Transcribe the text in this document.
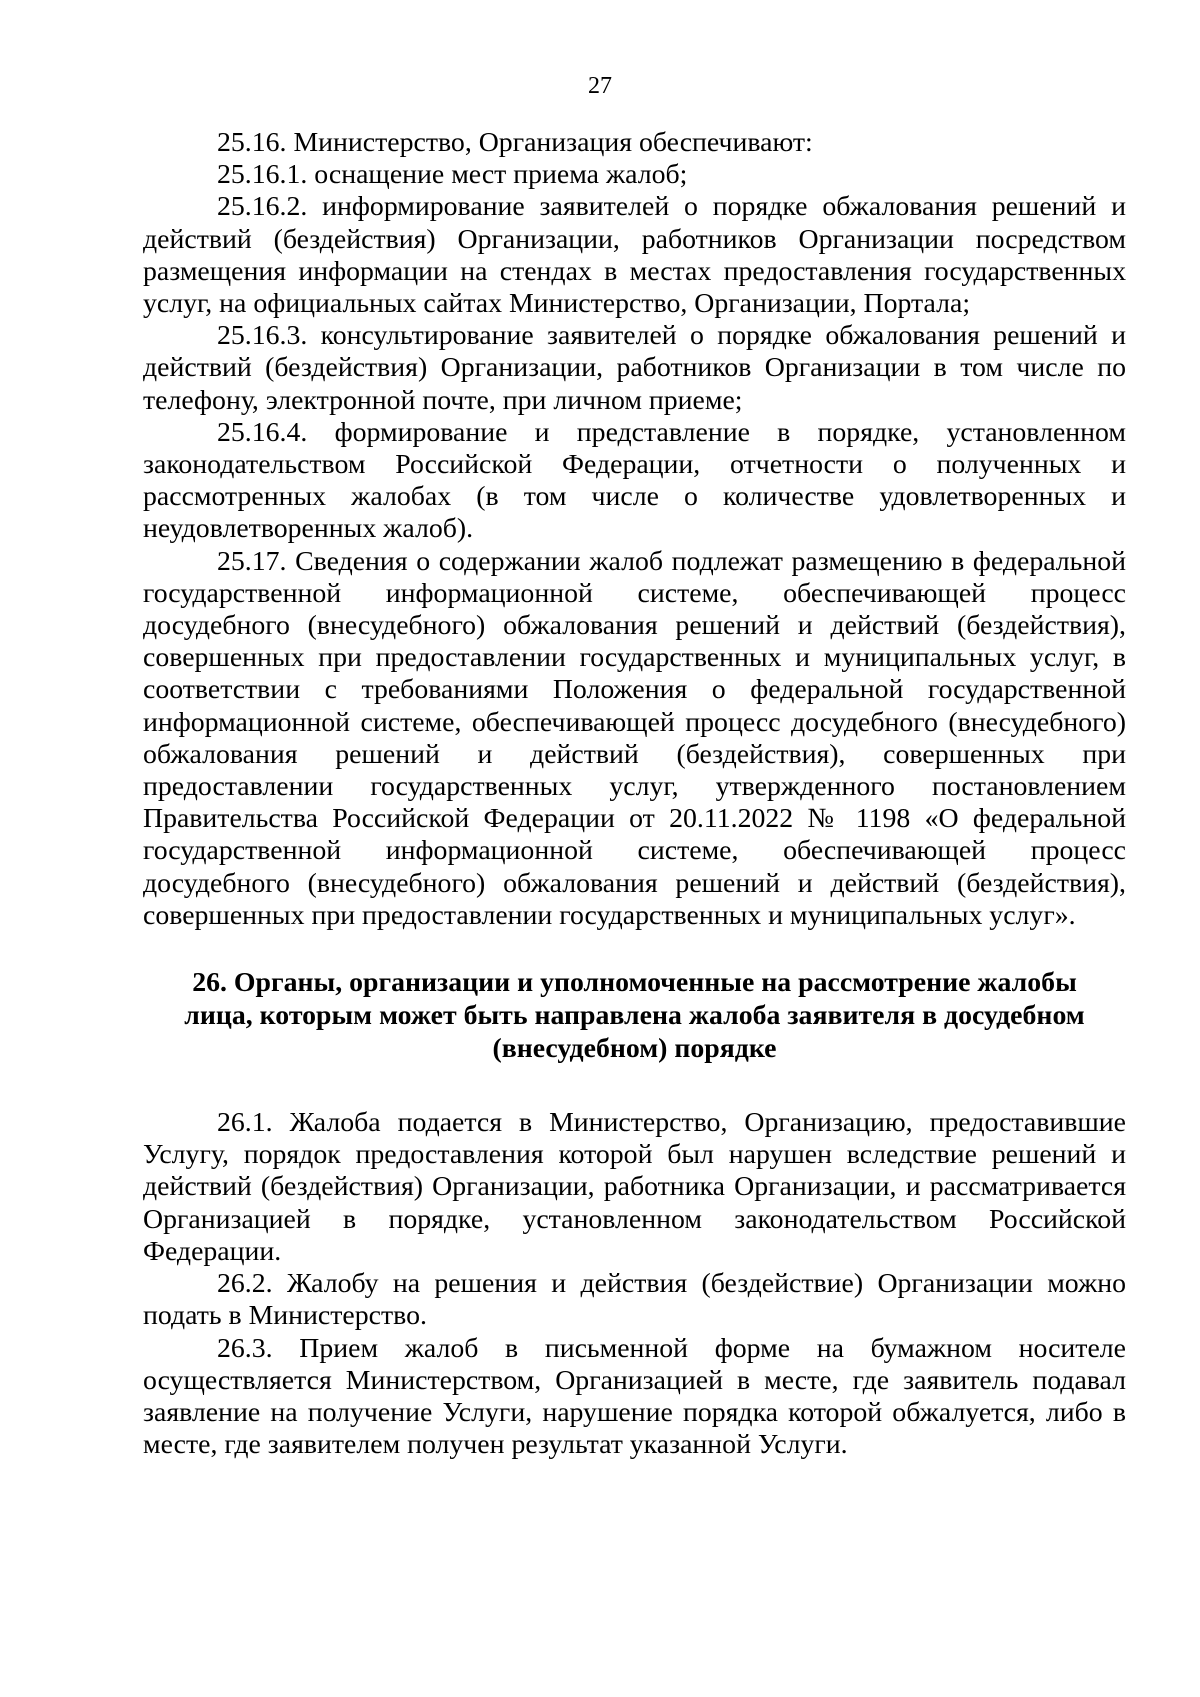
27

25.16. Министерство, Организация обеспечивают:

25.16.1. оснащение мест приема жалоб;

25.16.2. информирование заявителей о порядке обжалования решений и действий (бездействия) Организации, работников Организации посредством размещения информации на стендах в местах предоставления государственных услуг, на официальных сайтах Министерство, Организации, Портала;

25.16.3. консультирование заявителей о порядке обжалования решений и действий (бездействия) Организации, работников Организации в том числе по телефону, электронной почте, при личном приеме;

25.16.4. формирование и представление в порядке, установленном законодательством Российской Федерации, отчетности о полученных и рассмотренных жалобах (в том числе о количестве удовлетворенных и неудовлетворенных жалоб).

25.17. Сведения о содержании жалоб подлежат размещению в федеральной государственной информационной системе, обеспечивающей процесс досудебного (внесудебного) обжалования решений и действий (бездействия), совершенных при предоставлении государственных и муниципальных услуг, в соответствии с требованиями Положения о федеральной государственной информационной системе, обеспечивающей процесс досудебного (внесудебного) обжалования решений и действий (бездействия), совершенных при предоставлении государственных услуг, утвержденного постановлением Правительства Российской Федерации от 20.11.2022 № 1198 «О федеральной государственной информационной системе, обеспечивающей процесс досудебного (внесудебного) обжалования решений и действий (бездействия), совершенных при предоставлении государственных и муниципальных услуг».

26. Органы, организации и уполномоченные на рассмотрение жалобы
лица, которым может быть направлена жалоба заявителя в досудебном
(внесудебном) порядке

26.1. Жалоба подается в Министерство, Организацию, предоставившие Услугу, порядок предоставления которой был нарушен вследствие решений и действий (бездействия) Организации, работника Организации, и рассматривается Организацией в порядке, установленном законодательством Российской Федерации.

26.2. Жалобу на решения и действия (бездействие) Организации можно подать в Министерство.

26.3. Прием жалоб в письменной форме на бумажном носителе осуществляется Министерством, Организацией в месте, где заявитель подавал заявление на получение Услуги, нарушение порядка которой обжалуется, либо в месте, где заявителем получен результат указанной Услуги.
